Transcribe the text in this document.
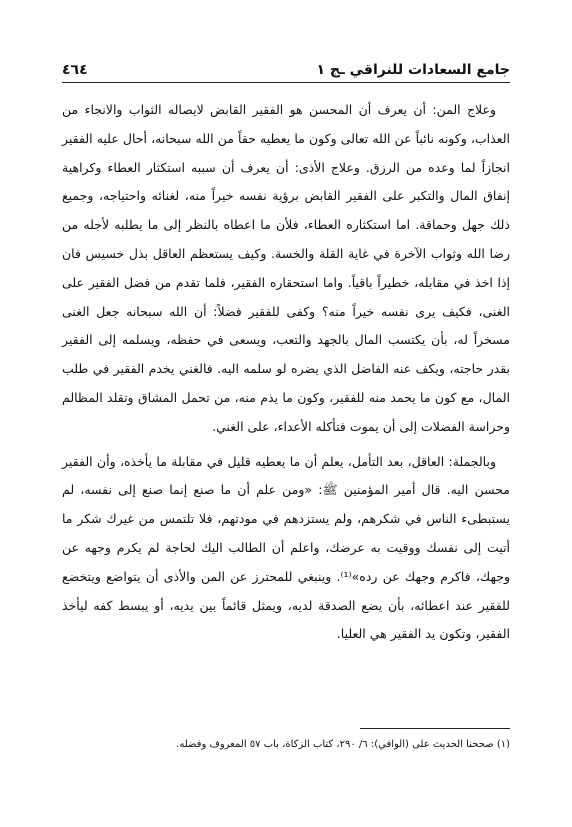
جامع السعادات للنراقي ـج ١
٤٦٤

وعلاج المن: أن يعرف أن المحسن هو الفقير القابض لايصاله الثواب والانجاء من العذاب، وكونه نائباً عن الله تعالى وكون ما يعطيه حقاً من الله سبحانه، أحال عليه الفقير انجازاً لما وعده من الرزق. وعلاج الأذى: أن يعرف أن سببه استكثار العطاء وكراهية إنفاق المال والتكبر على الفقير القابض برؤية نفسه خيراً منه، لغنائه واحتياجه، وجميع ذلك جهل وحماقة. اما استكثاره العطاء، فلأن ما اعطاه بالنظر إلى ما يطلبه لأجله من رضا الله وثواب الآخرة في غاية القلة والخسة. وكيف يستعظم العاقل بذل خسيس فان إذا اخذ في مقابله، خطيراً باقياً. واما استحقاره الفقير، فلما تقدم من فضل الفقير على الغنى، فكيف يرى نفسه خيراً منه؟ وكفى للفقير فضلاً: أن الله سبحانه جعل الغنى مسخراً له، بأن يكتسب المال بالجهد والتعب، ويسعى في حفظه، ويسلمه إلى الفقير بقدر حاجته، ويكف عنه الفاضل الذي يضره لو سلمه اليه. فالغني يخدم الفقير في طلب المال، مع كون ما يحمد منه للفقير، وكون ما يذم منه، من تحمل المشاق وتقلد المظالم وحراسة الفضلات إلى أن يموت فتأكله الأعداء، على الغني.

وبالجملة: العاقل، بعد التأمل، يعلم أن ما يعطيه قليل في مقابلة ما يأخذه، وأن الفقير محسن اليه. قال أمير المؤمنين ﷺ: «ومن علم أن ما صنع إنما صنع إلى نفسه، لم يستبطىء الناس في شكرهم، ولم يستزدهم في مودتهم، فلا تلتمس من غيرك شكر ما أتيت إلى نفسك ووقيت به عرضك، واعلم أن الطالب اليك لحاجة لم يكرم وجهه عن وجهك، فاكرم وجهك عن رده»⁽¹⁾. وينبغي للمحترز عن المن والأذى أن يتواضع ويتخضع للفقير عند اعطائه، بأن يضع الصدقة لديه، ويمثل قائماً بين يديه، أو يبسط كفه ليأخذ الفقير، وتكون يد الفقير هي العليا.

(١) صححنا الحديث على (الوافي): ٦/ ٢٩٠، كتاب الزكاة، باب ٥٧ المعروف وفضله.
